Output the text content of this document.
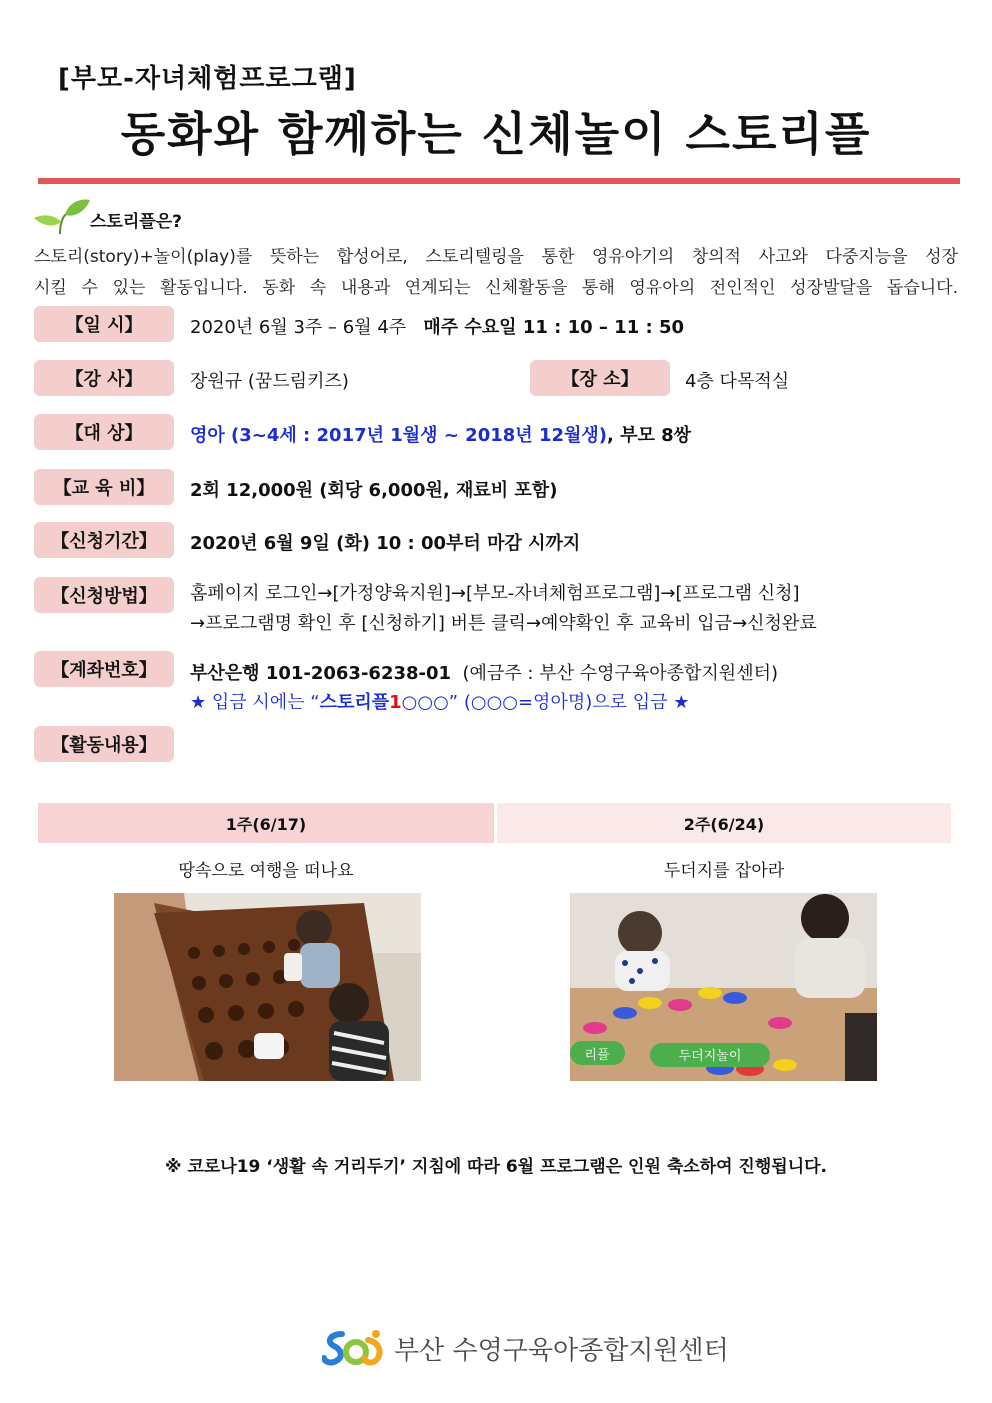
[부모-자녀체험프로그램]
동화와 함께하는 신체놀이 스토리플
스토리플은?
스토리(story)+놀이(play)를 뜻하는 합성어로, 스토리텔링을 통한 영유아기의 창의적 사고와 다중지능을 성장
시킬 수 있는 활동입니다. 동화 속 내용과 연계되는 신체활동을 통해 영유아의 전인적인 성장발달을 돕습니다.
【일 시】	2020년 6월 3주 – 6월 4주 매주 수요일 11 : 10 – 11 : 50
【강 사】	장원규 (꿈드림키즈)	【장 소】	4층 다목적실
【대 상】	영아 (3~4세 : 2017년 1월생 ~ 2018년 12월생), 부모 8쌍
【교 육 비】	2회 12,000원 (회당 6,000원, 재료비 포함)
【신청기간】	2020년 6월 9일 (화) 10 : 00부터 마감 시까지
【신청방법】	홈페이지 로그인→[가정양육지원]→[부모-자녀체험프로그램]→[프로그램 신청]
→프로그램명 확인 후 [신청하기] 버튼 클릭→예약확인 후 교육비 입금→신청완료
【계좌번호】	부산은행 101-2063-6238-01 (예금주 : 부산 수영구육아종합지원센터)
★ 입금 시에는 “스토리플1○○○” (○○○=영아명)으로 입금 ★
【활동내용】
1주(6/17)	2주(6/24)
땅속으로 여행을 떠나요	두더지를 잡아라
리플	두더지놀이
※ 코로나19 ‘생활 속 거리두기’ 지침에 따라 6월 프로그램은 인원 축소하여 진행됩니다.
부산 수영구육아종합지원센터
